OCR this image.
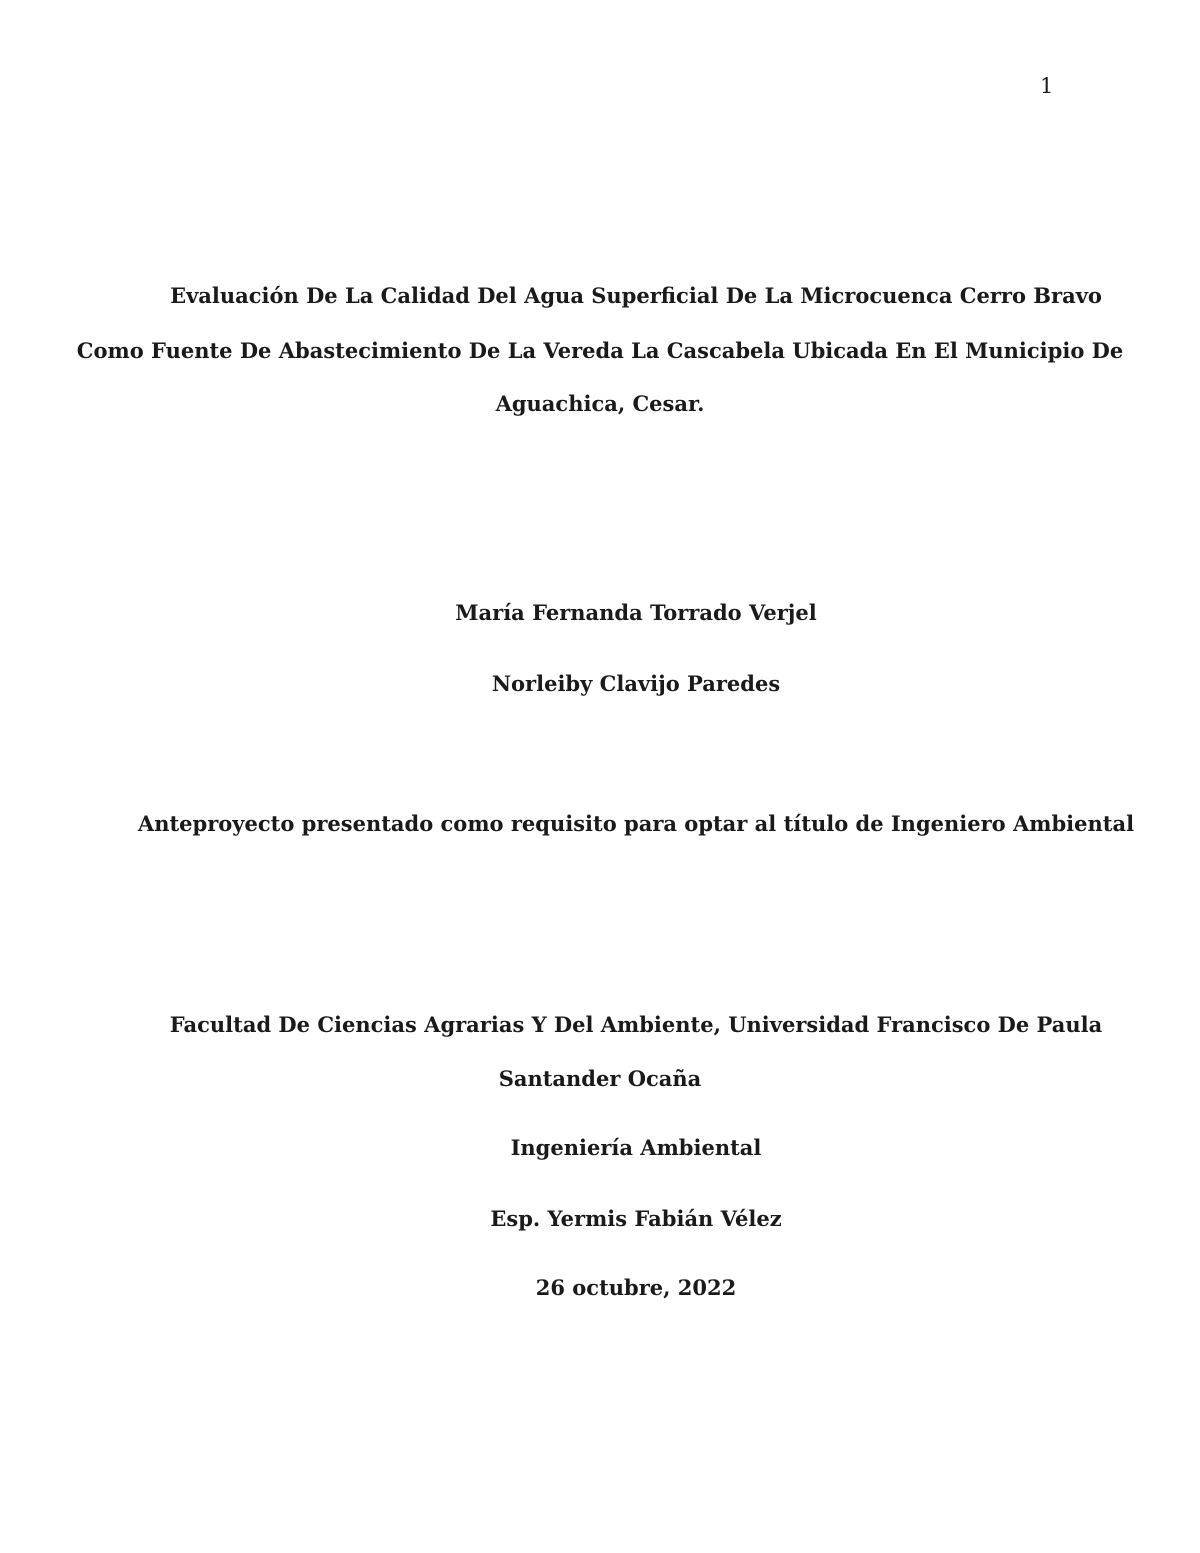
1
Evaluación De La Calidad Del Agua Superficial De La Microcuenca Cerro Bravo
Como Fuente De Abastecimiento De La Vereda La Cascabela Ubicada En El Municipio De
Aguachica, Cesar.
María Fernanda Torrado Verjel
Norleiby Clavijo Paredes
Anteproyecto presentado como requisito para optar al título de Ingeniero Ambiental
Facultad De Ciencias Agrarias Y Del Ambiente, Universidad Francisco De Paula
Santander Ocaña
Ingeniería Ambiental
Esp. Yermis Fabián Vélez
26 octubre, 2022
